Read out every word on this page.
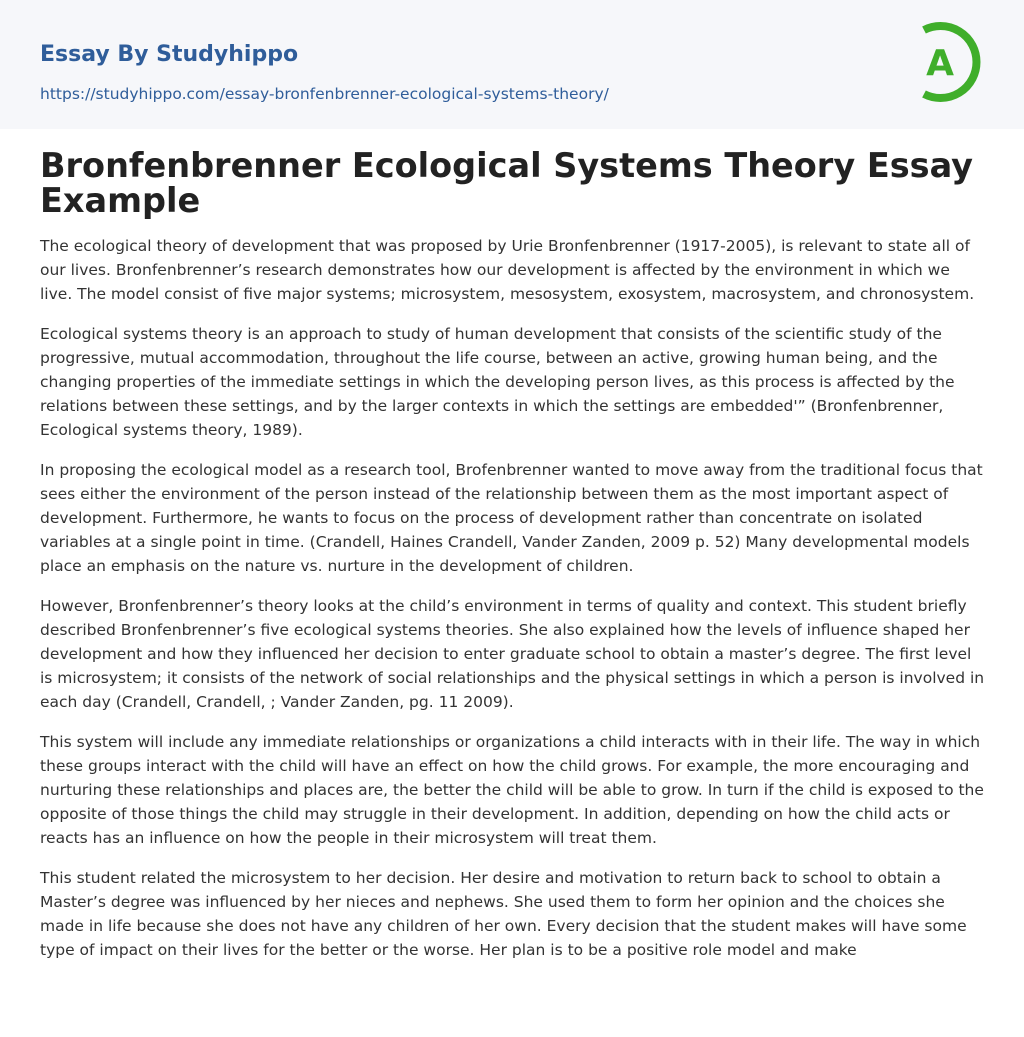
Essay By Studyhippo
https://studyhippo.com/essay-bronfenbrenner-ecological-systems-theory/
A
Bronfenbrenner Ecological Systems Theory Essay Example

The ecological theory of development that was proposed by Urie Bronfenbrenner (1917-2005), is relevant to state all of our lives. Bronfenbrenner’s research demonstrates how our development is affected by the environment in which we live. The model consist of five major systems; microsystem, mesosystem, exosystem, macrosystem, and chronosystem.

Ecological systems theory is an approach to study of human development that consists of the scientific study of the progressive, mutual accommodation, throughout the life course, between an active, growing human being, and the changing properties of the immediate settings in which the developing person lives, as this process is affected by the relations between these settings, and by the larger contexts in which the settings are embedded'” (Bronfenbrenner, Ecological systems theory, 1989).

In proposing the ecological model as a research tool, Brofenbrenner wanted to move away from the traditional focus that sees either the environment of the person instead of the relationship between them as the most important aspect of development. Furthermore, he wants to focus on the process of development rather than concentrate on isolated variables at a single point in time. (Crandell, Haines Crandell, Vander Zanden, 2009 p. 52) Many developmental models place an emphasis on the nature vs. nurture in the development of children.

However, Bronfenbrenner’s theory looks at the child’s environment in terms of quality and context. This student briefly described Bronfenbrenner’s five ecological systems theories. She also explained how the levels of influence shaped her development and how they influenced her decision to enter graduate school to obtain a master’s degree. The first level is microsystem; it consists of the network of social relationships and the physical settings in which a person is involved in each day (Crandell, Crandell, ; Vander Zanden, pg. 11 2009).

This system will include any immediate relationships or organizations a child interacts with in their life. The way in which these groups interact with the child will have an effect on how the child grows. For example, the more encouraging and nurturing these relationships and places are, the better the child will be able to grow. In turn if the child is exposed to the opposite of those things the child may struggle in their development. In addition, depending on how the child acts or reacts has an influence on how the people in their microsystem will treat them.

This student related the microsystem to her decision. Her desire and motivation to return back to school to obtain a Master’s degree was influenced by her nieces and nephews. She used them to form her opinion and the choices she made in life because she does not have any children of her own. Every decision that the student makes will have some type of impact on their lives for the better or the worse. Her plan is to be a positive role model and make
